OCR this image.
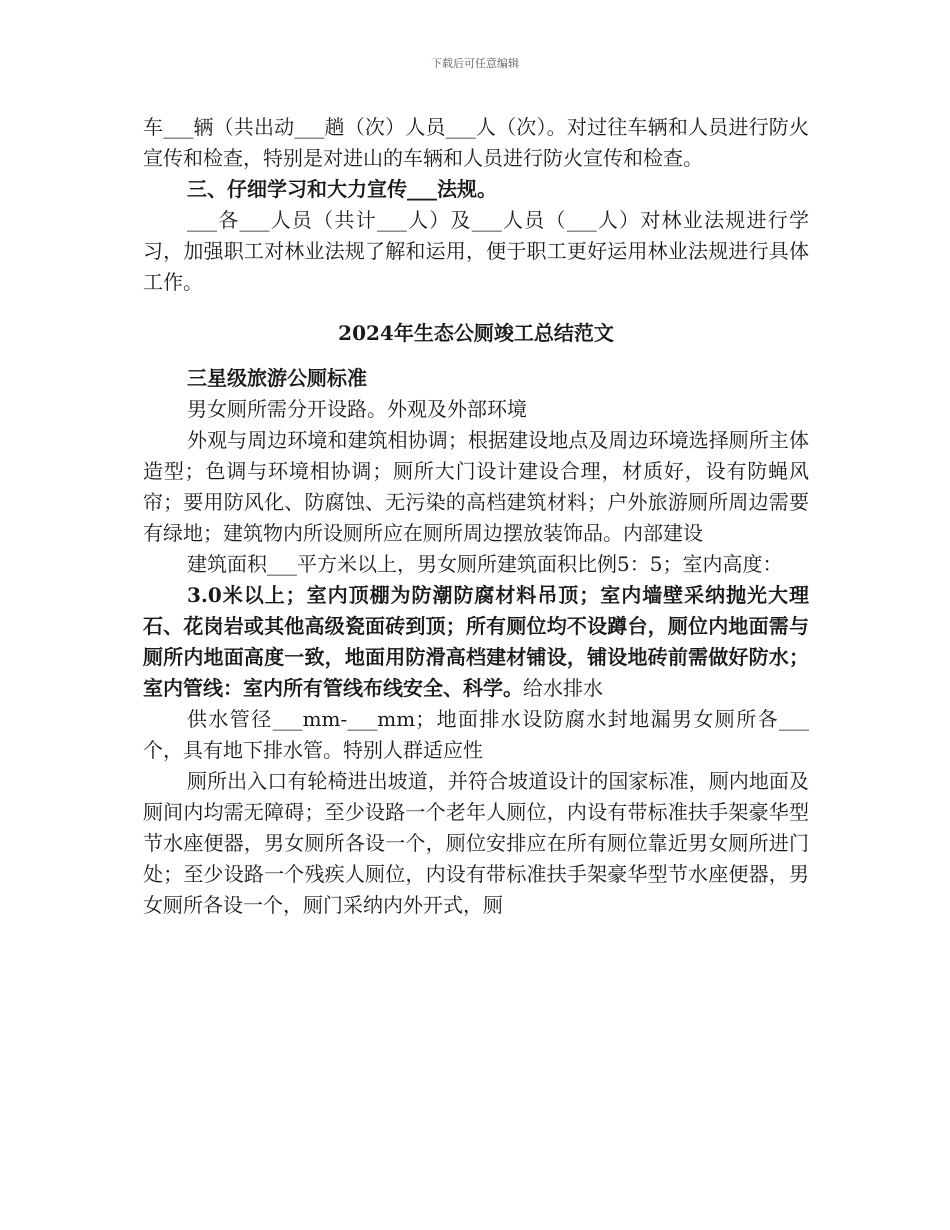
下载后可任意编辑

车___辆（共出动___趟（次）人员___人（次）。对过往车辆和人员进行防火宣传和检查，特别是对进山的车辆和人员进行防火宣传和检查。

三、仔细学习和大力宣传___法规。

___各___人员（共计___人）及___人员（___人）对林业法规进行学习，加强职工对林业法规了解和运用，便于职工更好运用林业法规进行具体工作。

2024年生态公厕竣工总结范文

三星级旅游公厕标准

男女厕所需分开设路。外观及外部环境

外观与周边环境和建筑相协调；根据建设地点及周边环境选择厕所主体造型；色调与环境相协调；厕所大门设计建设合理，材质好，设有防蝇风帘；要用防风化、防腐蚀、无污染的高档建筑材料；户外旅游厕所周边需要有绿地；建筑物内所设厕所应在厕所周边摆放装饰品。内部建设

建筑面积___平方米以上，男女厕所建筑面积比例5：5；室内高度：

3.0米以上；室内顶棚为防潮防腐材料吊顶；室内墙壁采纳抛光大理石、花岗岩或其他高级瓷面砖到顶；所有厕位均不设蹲台，厕位内地面需与厕所内地面高度一致，地面用防滑高档建材铺设，铺设地砖前需做好防水；室内管线：室内所有管线布线安全、科学。给水排水

供水管径___mm-___mm；地面排水设防腐水封地漏男女厕所各___个，具有地下排水管。特别人群适应性

厕所出入口有轮椅进出坡道，并符合坡道设计的国家标准，厕内地面及厕间内均需无障碍；至少设路一个老年人厕位，内设有带标准扶手架豪华型节水座便器，男女厕所各设一个，厕位安排应在所有厕位靠近男女厕所进门处；至少设路一个残疾人厕位，内设有带标准扶手架豪华型节水座便器，男女厕所各设一个，厕门采纳内外开式，厕
